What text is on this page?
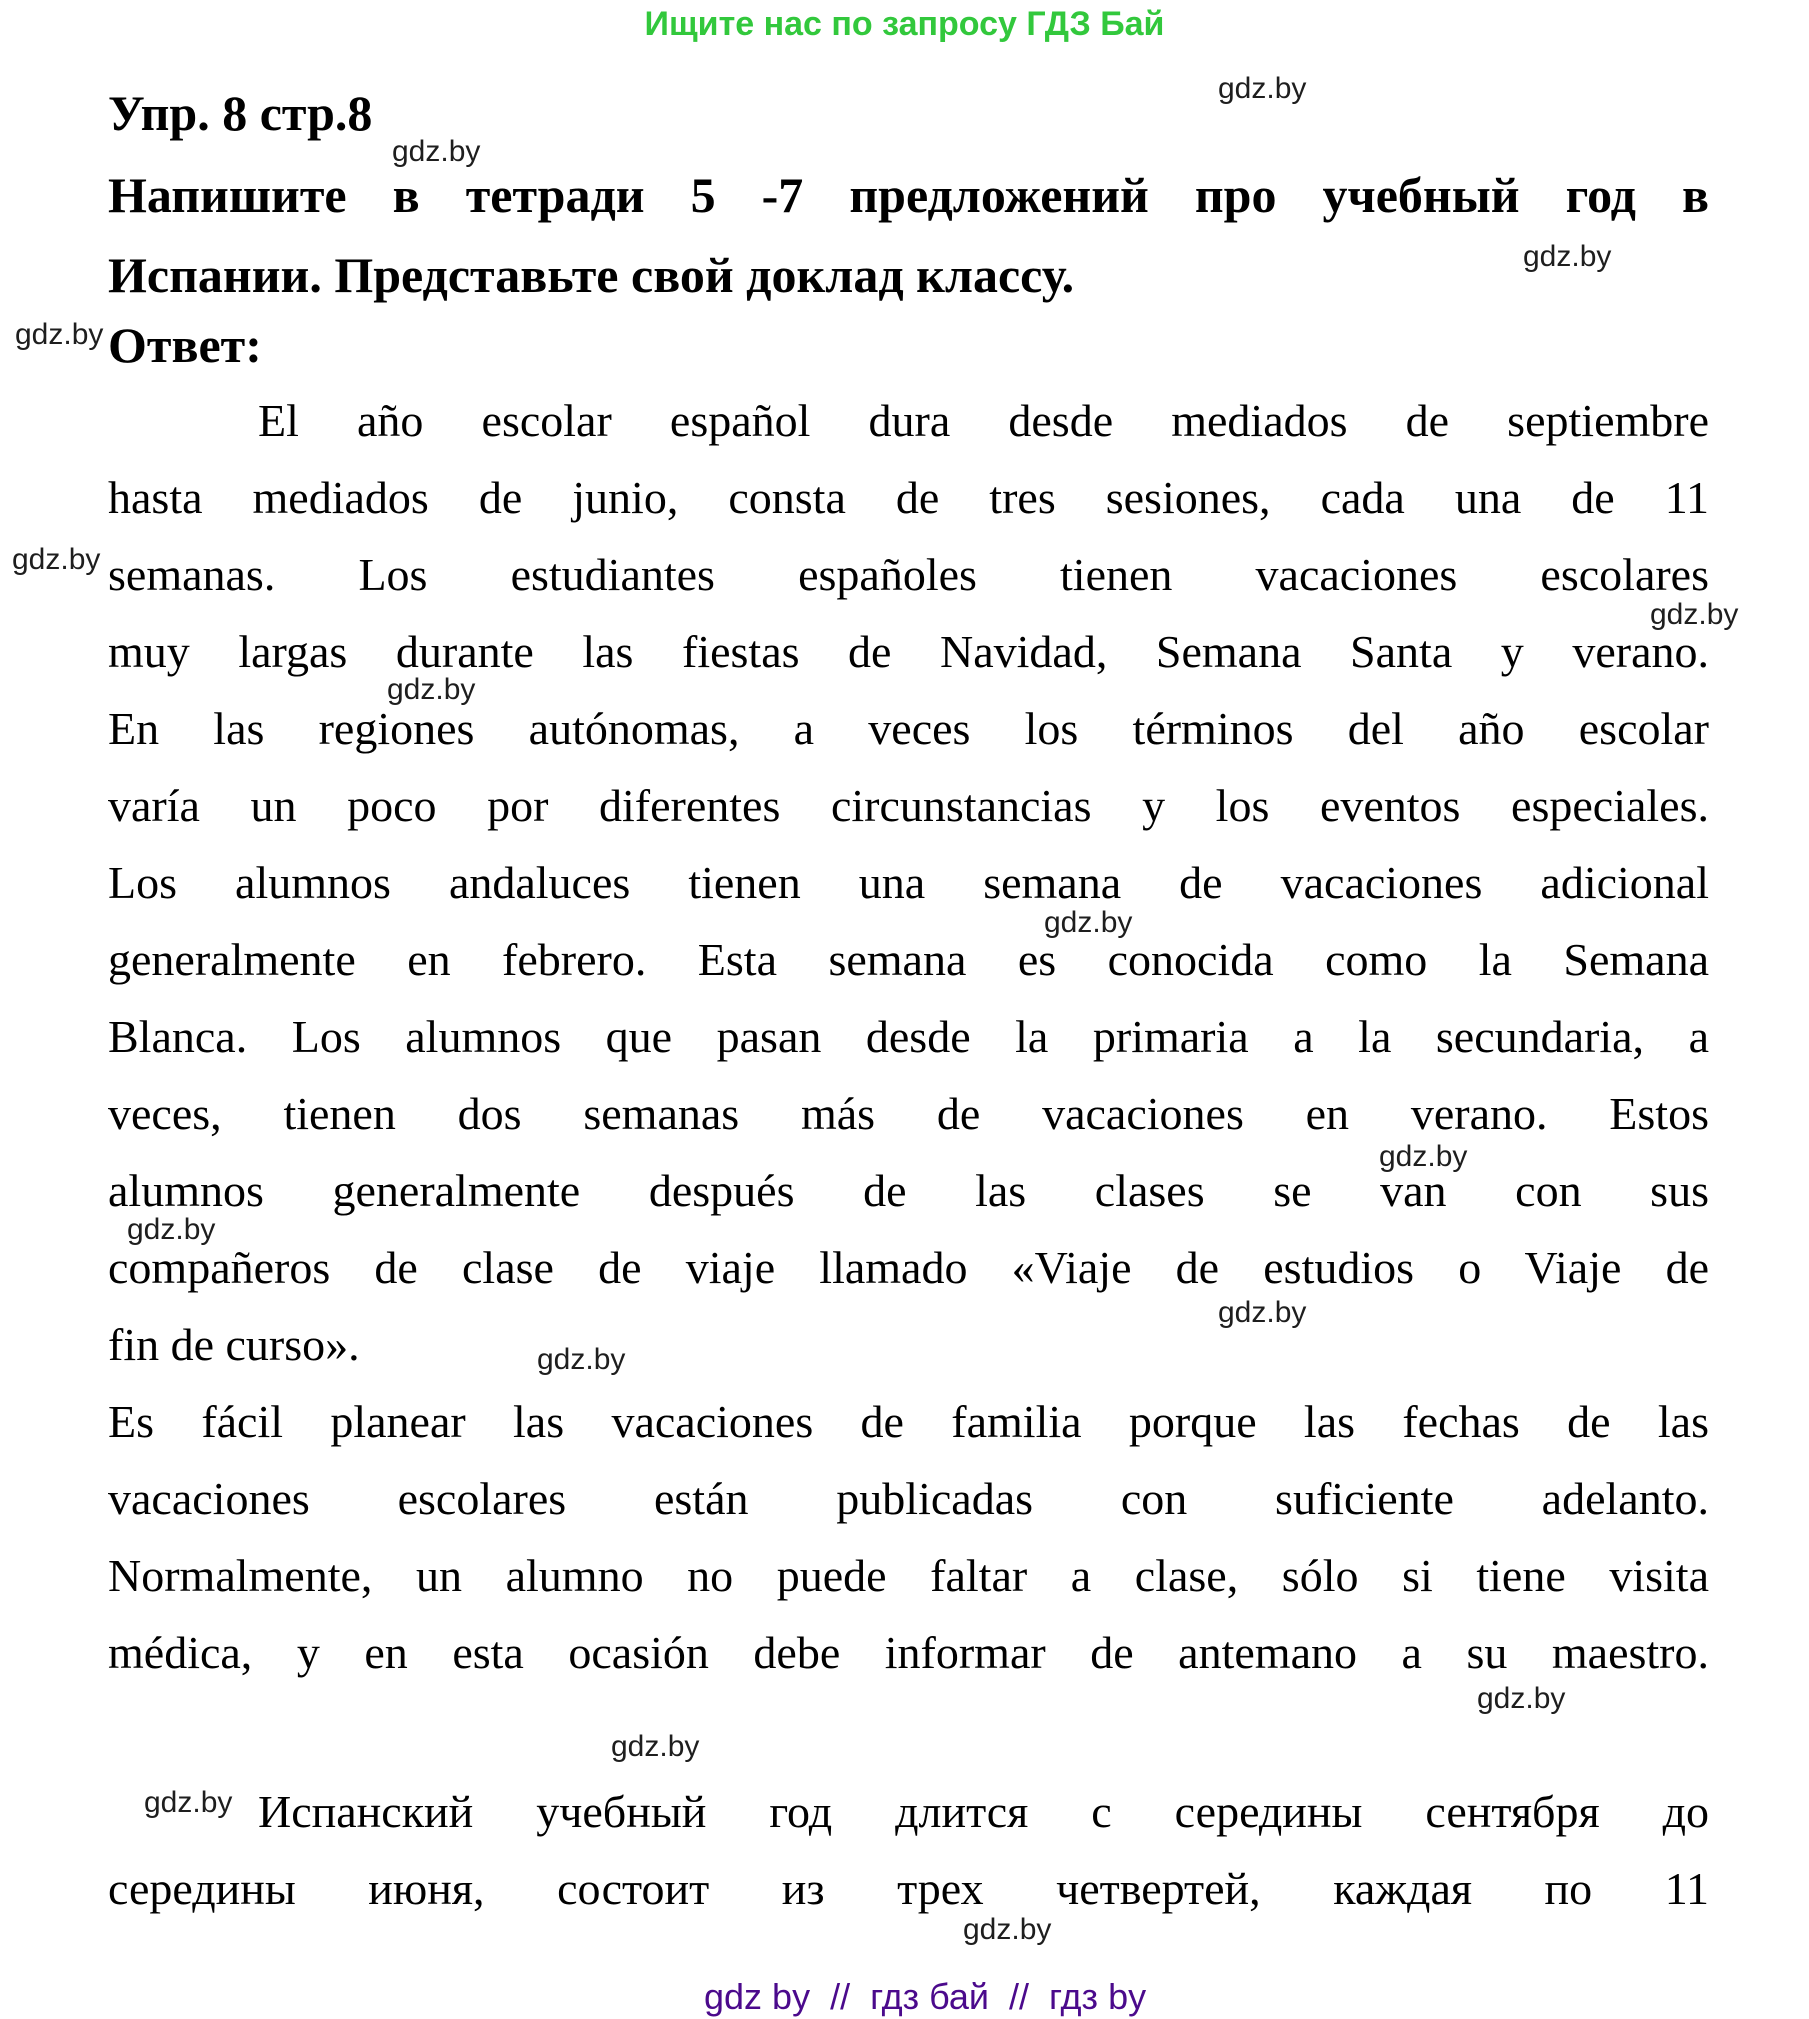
Ищите нас по запросу ГДЗ Бай
Упр. 8 стр.8
Напишите в тетради 5 -7 предложений про учебный год в
Испании. Представьте свой доклад классу.
Ответ:
El año escolar español dura desde mediados de septiembre
hasta mediados de junio, consta de tres sesiones, cada una de 11
semanas. Los estudiantes españoles tienen vacaciones escolares
muy largas durante las fiestas de Navidad, Semana Santa y verano.
En las regiones autónomas, a veces los términos del año escolar
varía un poco por diferentes circunstancias y los eventos especiales.
Los alumnos andaluces tienen una semana de vacaciones adicional
generalmente en febrero. Esta semana es conocida como la Semana
Blanca. Los alumnos que pasan desde la primaria a la secundaria, a
veces, tienen dos semanas más de vacaciones en verano. Estos
alumnos generalmente después de las clases se van con sus
compañeros de clase de viaje llamado «Viaje de estudios o Viaje de
fin de curso».
Es fácil planear las vacaciones de familia porque las fechas de las
vacaciones escolares están publicadas con suficiente adelanto.
Normalmente, un alumno no puede faltar a clase, sólo si tiene visita
médica, y en esta ocasión debe informar de antemano a su maestro.
Испанский учебный год длится с середины сентября до
середины июня, состоит из трех четвертей, каждая по 11
gdz.by
gdz.by
gdz.by
gdz.by
gdz.by
gdz.by
gdz.by
gdz.by
gdz.by
gdz.by
gdz.by
gdz.by
gdz.by
gdz.by
gdz.by
gdz.by
gdz by  //  гдз бай  //  гдз by
